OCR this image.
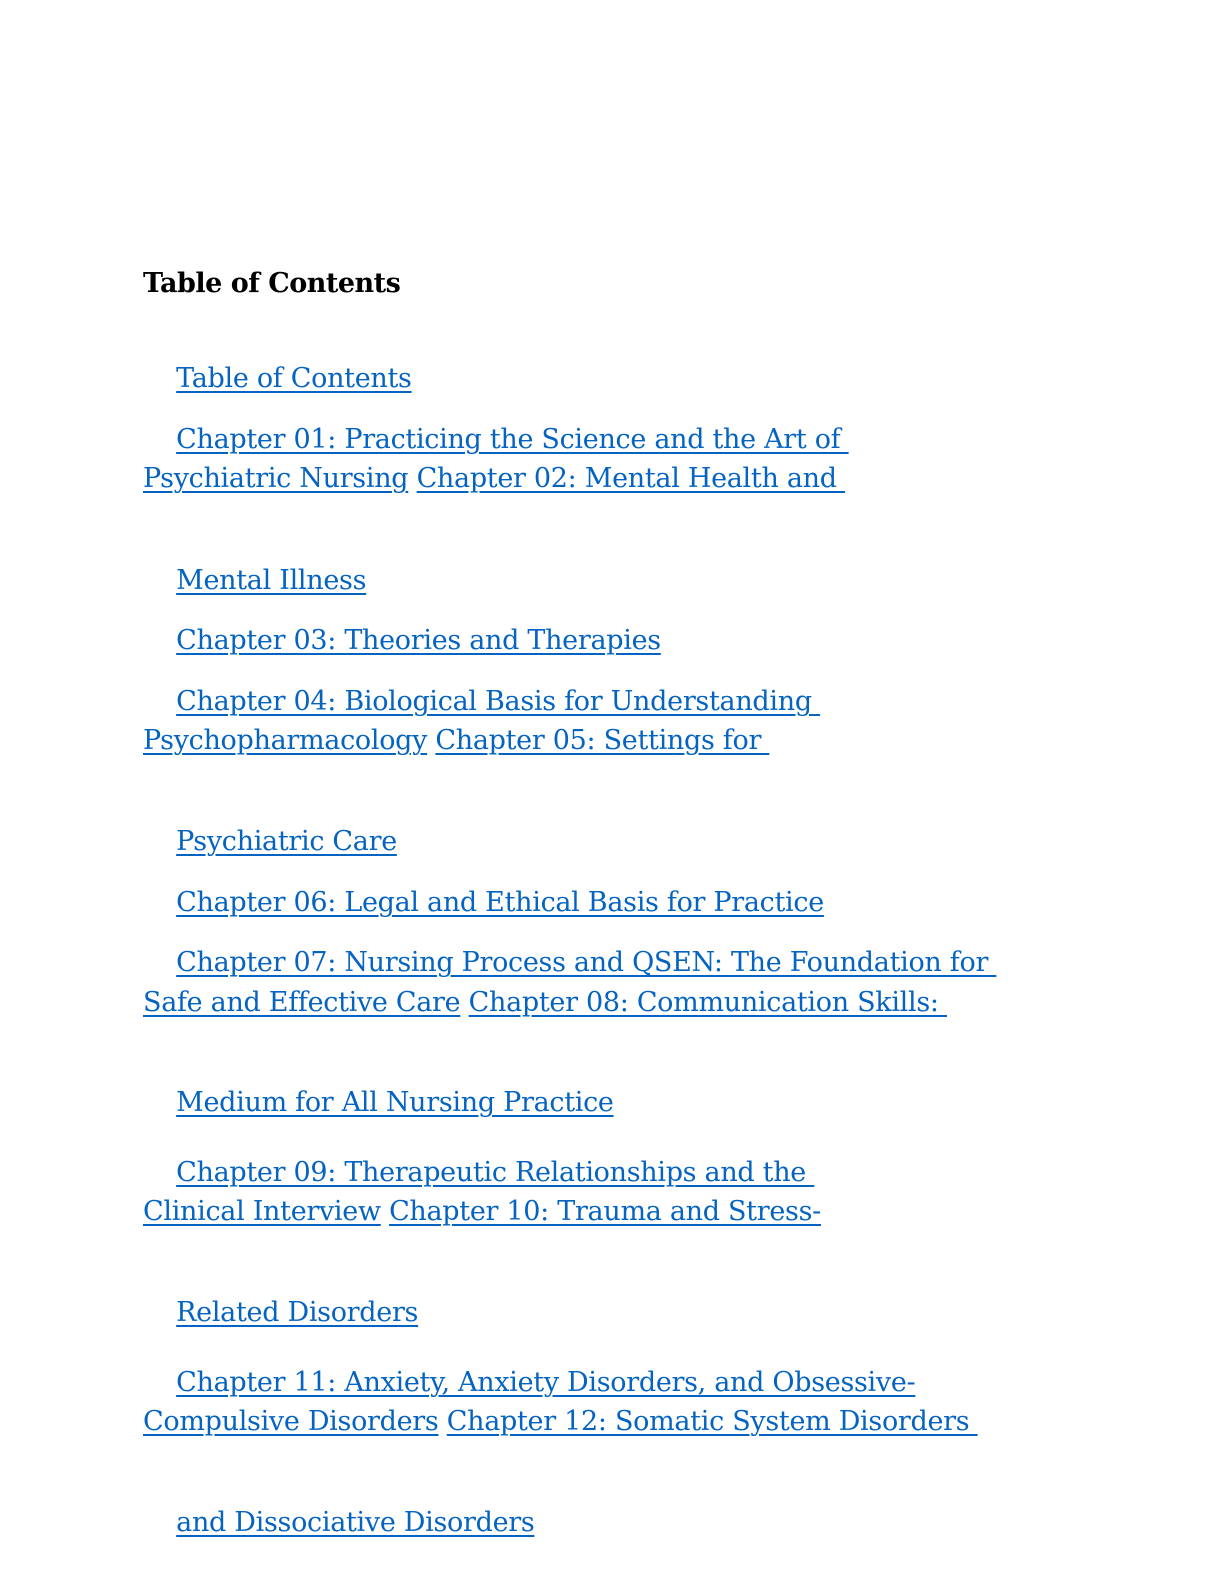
Table of Contents

Table of Contents

Chapter 01: Practicing the Science and the Art of

Psychiatric Nursing Chapter 02: Mental Health and

Mental Illness

Chapter 03: Theories and Therapies

Chapter 04: Biological Basis for Understanding

Psychopharmacology Chapter 05: Settings for

Psychiatric Care

Chapter 06: Legal and Ethical Basis for Practice

Chapter 07: Nursing Process and QSEN: The Foundation for

Safe and Effective Care Chapter 08: Communication Skills:

Medium for All Nursing Practice

Chapter 09: Therapeutic Relationships and the

Clinical Interview Chapter 10: Trauma and Stress-

Related Disorders

Chapter 11: Anxiety, Anxiety Disorders, and Obsessive-

Compulsive Disorders Chapter 12: Somatic System Disorders

and Dissociative Disorders
